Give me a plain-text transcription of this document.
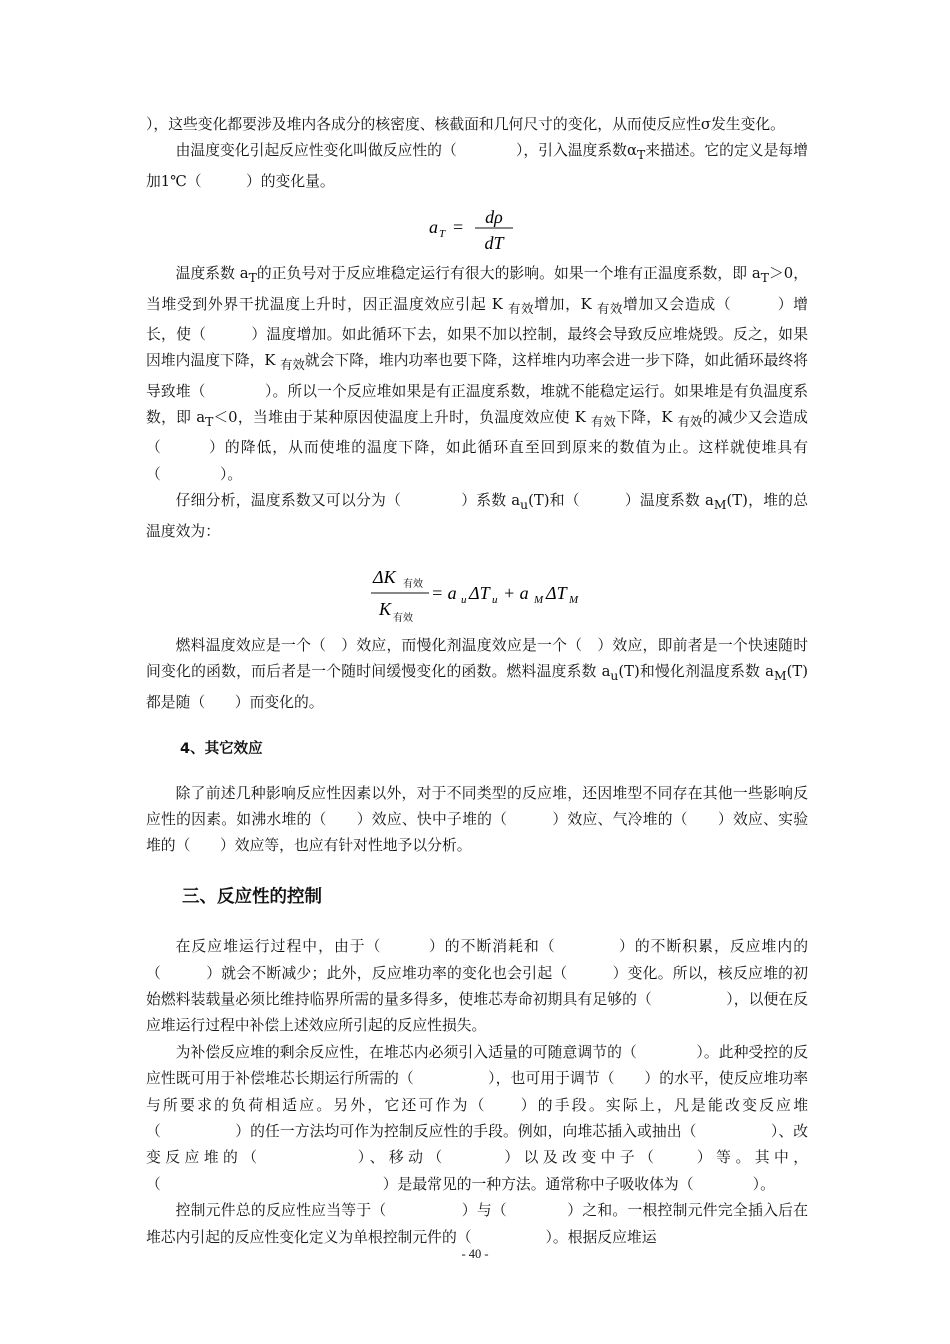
），这些变化都要涉及堆内各成分的核密度、核截面和几何尺寸的变化，从而使反应性σ发生变化。

由温度变化引起反应性变化叫做反应性的（　　　　），引入温度系数$\alpha_T$来描述。它的定义是每增加1℃（　　　）的变化量。

a T = dρ
dT

温度系数 $a_T$的正负号对于反应堆稳定运行有很大的影响。如果一个堆有正温度系数，即 $a_T>0$，当堆受到外界干扰温度上升时，因正温度效应引起 K $_{有效}$增加，K $_{有效}$增加又会造成（　　　）增长，使（　　　）温度增加。如此循环下去，如果不加以控制，最终会导致反应堆烧毁。反之，如果因堆内温度下降，K $_{有效}$就会下降，堆内功率也要下降，这样堆内功率会进一步下降，如此循环最终将导致堆（　　　　）。所以一个反应堆如果是有正温度系数，堆就不能稳定运行。如果堆是有负温度系数，即 $a_T<0$，当堆由于某种原因使温度上升时，负温度效应使 K $_{有效}$下降，K $_{有效}$的减少又会造成（　　　）的降低，从而使堆的温度下降，如此循环直至回到原来的数值为止。这样就使堆具有（　　　　）。

仔细分析，温度系数又可以分为（　　　　）系数 $a_u(T)$和（　　　）温度系数 $a_M(T)$，堆的总温度效为：

ΔK 有效
K 有效
= a u ΔT u + a M ΔT M

燃料温度效应是一个（　）效应，而慢化剂温度效应是一个（　）效应，即前者是一个快速随时间变化的函数，而后者是一个随时间缓慢变化的函数。燃料温度系数 $a_u(T)$和慢化剂温度系数 $a_M(T)$都是随（　　）而变化的。

4、其它效应

除了前述几种影响反应性因素以外，对于不同类型的反应堆，还因堆型不同存在其他一些影响反应性的因素。如沸水堆的（　　）效应、快中子堆的（　　　）效应、气冷堆的（　　）效应、实验堆的（　　）效应等，也应有针对性地予以分析。

三、反应性的控制

在反应堆运行过程中，由于（　　　）的不断消耗和（　　　　）的不断积累，反应堆内的（　　　）就会不断减少；此外，反应堆功率的变化也会引起（　　　）变化。所以，核反应堆的初始燃料装载量必须比维持临界所需的量多得多，使堆芯寿命初期具有足够的（　　　　　），以便在反应堆运行过程中补偿上述效应所引起的反应性损失。

为补偿反应堆的剩余反应性，在堆芯内必须引入适量的可随意调节的（　　　　）。此种受控的反应性既可用于补偿堆芯长期运行所需的（　　　　　），也可用于调节（　　）的水平，使反应堆功率与所要求的负荷相适应。另外，它还可作为（　　）的手段。实际上，凡是能改变反应堆（　　　　　）的任一方法均可作为控制反应性的手段。例如，向堆芯插入或抽出（　　　　　）、改变反应堆的（　　　　　）、移动（　　　）以及改变中子（　　）等。其中，（　　　　　　　　　　　　　　　）是最常见的一种方法。通常称中子吸收体为（　　　　）。

控制元件总的反应性应当等于（　　　　　）与（　　　　）之和。一根控制元件完全插入后在堆芯内引起的反应性变化定义为单根控制元件的（　　　　　）。根据反应堆运

- 40 -
